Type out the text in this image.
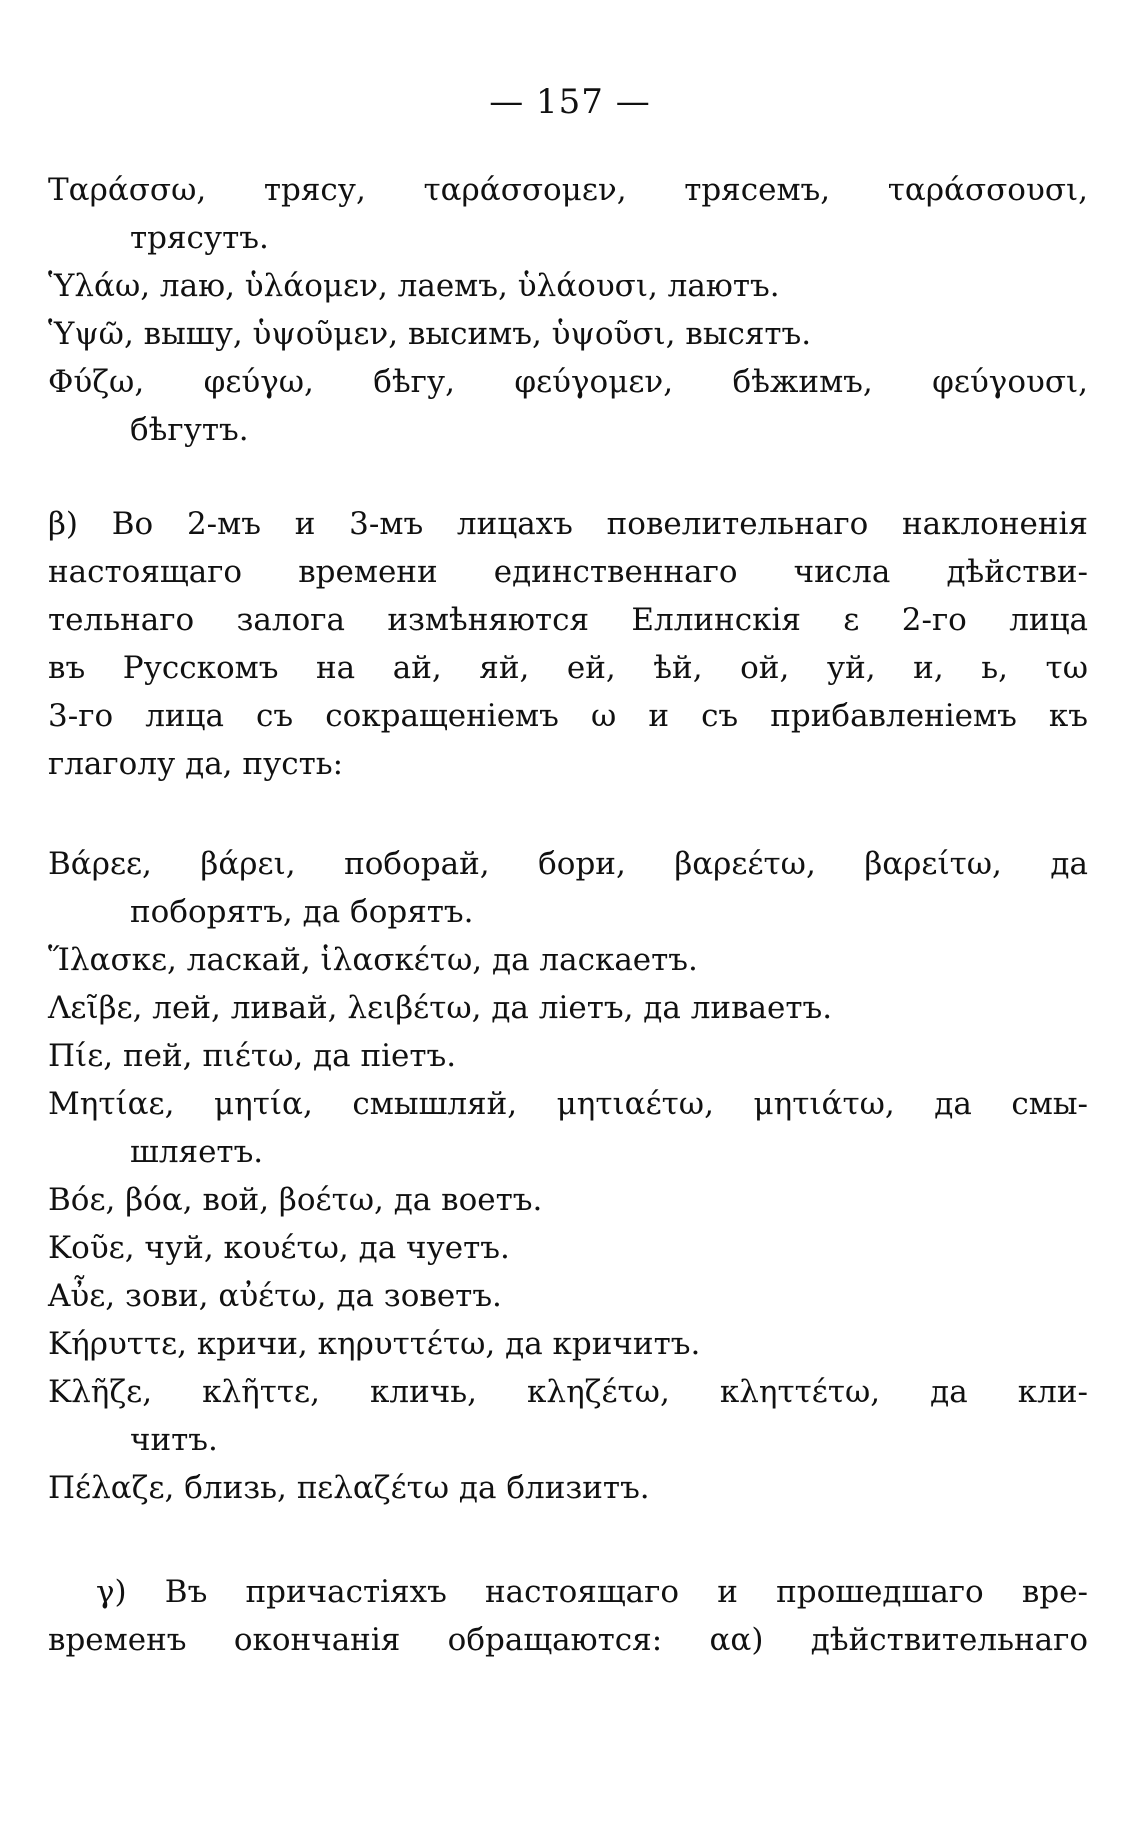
— 157 —
Ταράσσω, трясу, ταράσσομεν, трясемъ, ταράσσουσι,
трясутъ.
Ὑλάω, лаю, ὑλάομεν, лаемъ, ὑλάουσι, лаютъ.
Ὑψῶ, вышу, ὑψοῦμεν, высимъ, ὑψοῦσι, высятъ.
Φύζω, φεύγω, бѣгу, φεύγομεν, бѣжимъ, φεύγουσι,
бѣгутъ.
β) Во 2-мъ и 3-мъ лицахъ повелительнаго наклоненія
настоящаго времени единственнаго числа дѣйстви-
тельнаго залога измѣняются Еллинскія ε 2-го лица
въ Русскомъ на ай, яй, ей, ѣй, ой, уй, и, ь, τω
3-го лица съ сокращеніемъ ω и съ прибавленіемъ къ
глаголу да, пусть:
Βάρεε, βάρει, поборай, бори, βαρεέτω, βαρείτω, да
поборятъ, да борятъ.
Ἵλασκε, ласкай, ἱλασκέτω, да ласкаетъ.
Λεῖβε, лей, ливай, λειβέτω, да ліетъ, да ливаетъ.
Πίε, пей, πιέτω, да піетъ.
Μητίαε, μητία, смышляй, μητιαέτω, μητιάτω, да смы-
шляетъ.
Βόε, βόα, вой, βοέτω, да воетъ.
Κοῦε, чуй, κουέτω, да чуетъ.
Αὖε, зови, αὐέτω, да зоветъ.
Κήρυττε, кричи, κηρυττέτω, да кричитъ.
Κλῆζε, κλῆττε, кличь, κληζέτω, κληττέτω, да кли-
читъ.
Πέλαζε, близь, πελαζέτω да близитъ.
γ) Въ причастіяхъ настоящаго и прошедшаго вре-
временъ окончанія обращаются: αα) дѣйствительнаго
